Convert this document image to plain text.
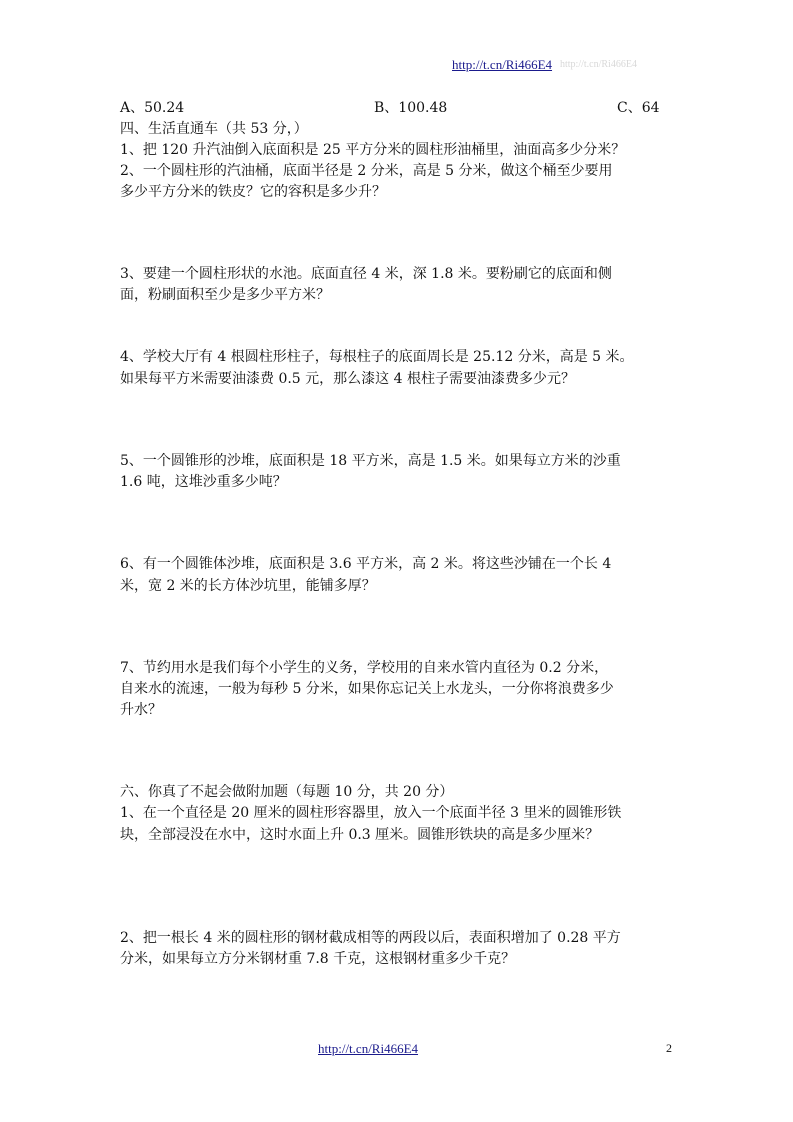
http://t.cn/Ri466E4 http://t.cn/Ri466E4
A、50.24	B、100.48	C、64
四、生活直通车（共 53 分，）
1、把 120 升汽油倒入底面积是 25 平方分米的圆柱形油桶里，油面高多少分米？
2、一个圆柱形的汽油桶，底面半径是 2 分米，高是 5 分米，做这个桶至少要用
多少平方分米的铁皮？它的容积是多少升？
3、要建一个圆柱形状的水池。底面直径 4 米，深 1.8 米。要粉刷它的底面和侧
面，粉刷面积至少是多少平方米？
4、学校大厅有 4 根圆柱形柱子，每根柱子的底面周长是 25.12 分米，高是 5 米。
如果每平方米需要油漆费 0.5 元，那么漆这 4 根柱子需要油漆费多少元？
5、一个圆锥形的沙堆，底面积是 18 平方米，高是 1.5 米。如果每立方米的沙重
1.6 吨，这堆沙重多少吨？
6、有一个圆锥体沙堆，底面积是 3.6 平方米，高 2 米。将这些沙铺在一个长 4
米，宽 2 米的长方体沙坑里，能铺多厚？
7、节约用水是我们每个小学生的义务，学校用的自来水管内直径为 0.2 分米，
自来水的流速，一般为每秒 5 分米，如果你忘记关上水龙头，一分你将浪费多少
升水？
六、你真了不起会做附加题（每题 10 分，共 20 分）
1、在一个直径是 20 厘米的圆柱形容器里，放入一个底面半径 3 里米的圆锥形铁
块，全部浸没在水中，这时水面上升 0.3 厘米。圆锥形铁块的高是多少厘米？
2、把一根长 4 米的圆柱形的钢材截成相等的两段以后，表面积增加了 0.28 平方
分米，如果每立方分米钢材重 7.8 千克，这根钢材重多少千克？
http://t.cn/Ri466E4	2
